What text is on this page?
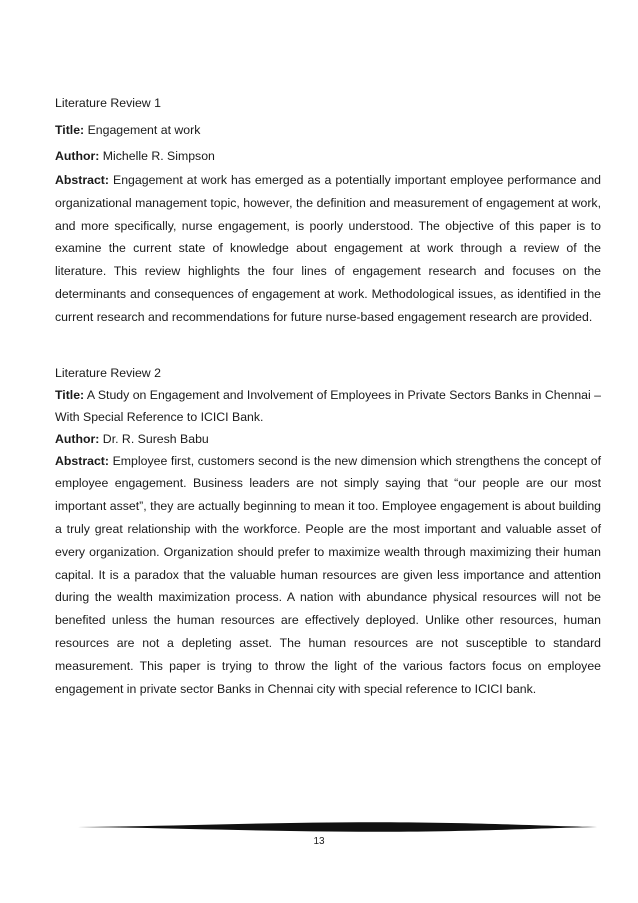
Literature Review 1

Title: Engagement at work

Author: Michelle R. Simpson

Abstract: Engagement at work has emerged as a potentially important employee performance and organizational management topic, however, the definition and measurement of engagement at work, and more specifically, nurse engagement, is poorly understood. The objective of this paper is to examine the current state of knowledge about engagement at work through a review of the literature. This review highlights the four lines of engagement research and focuses on the determinants and consequences of engagement at work. Methodological issues, as identified in the current research and recommendations for future nurse-based engagement research are provided.

Literature Review 2

Title: A Study on Engagement and Involvement of Employees in Private Sectors Banks in Chennai – With Special Reference to ICICI Bank.

Author: Dr. R. Suresh Babu

Abstract: Employee first, customers second is the new dimension which strengthens the concept of employee engagement. Business leaders are not simply saying that “our people are our most important asset”, they are actually beginning to mean it too. Employee engagement is about building a truly great relationship with the workforce. People are the most important and valuable asset of every organization. Organization should prefer to maximize wealth through maximizing their human capital. It is a paradox that the valuable human resources are given less importance and attention during the wealth maximization process. A nation with abundance physical resources will not be benefited unless the human resources are effectively deployed. Unlike other resources, human resources are not a depleting asset. The human resources are not susceptible to standard measurement. This paper is trying to throw the light of the various factors focus on employee engagement in private sector Banks in Chennai city with special reference to ICICI bank.

13
